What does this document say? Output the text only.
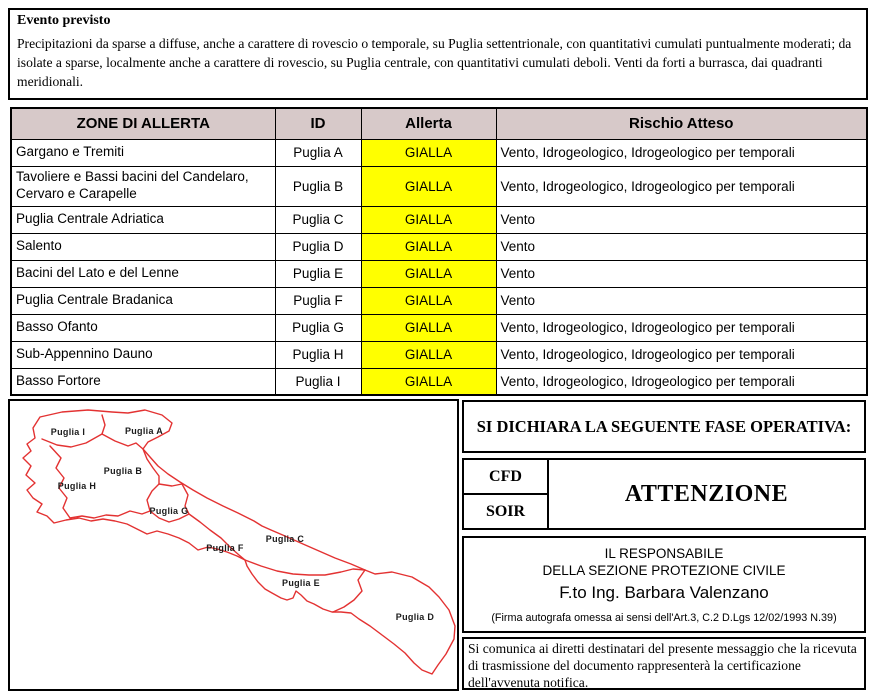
Evento previsto

Precipitazioni da sparse a diffuse, anche a carattere di rovescio o temporale, su Puglia settentrionale, con quantitativi cumulati puntualmente moderati; da isolate a sparse, localmente anche a carattere di rovescio, su Puglia centrale, con quantitativi cumulati deboli. Venti da forti a burrasca, dai quadranti meridionali.

ZONE DI ALLERTA	ID	Allerta	Rischio Atteso
Gargano e Tremiti	Puglia A	GIALLA	Vento, Idrogeologico, Idrogeologico per temporali
Tavoliere e Bassi bacini del Candelaro, Cervaro e Carapelle	Puglia B	GIALLA	Vento, Idrogeologico, Idrogeologico per temporali
Puglia Centrale Adriatica	Puglia C	GIALLA	Vento
Salento	Puglia D	GIALLA	Vento
Bacini del Lato e del Lenne	Puglia E	GIALLA	Vento
Puglia Centrale Bradanica	Puglia F	GIALLA	Vento
Basso Ofanto	Puglia G	GIALLA	Vento, Idrogeologico, Idrogeologico per temporali
Sub-Appennino Dauno	Puglia H	GIALLA	Vento, Idrogeologico, Idrogeologico per temporali
Basso Fortore	Puglia I	GIALLA	Vento, Idrogeologico, Idrogeologico per temporali
Puglia I	Puglia A
Puglia B
Puglia H
Puglia G
Puglia F
Puglia C
Puglia E
Puglia D
SI DICHIARA LA SEGUENTE FASE OPERATIVA:
CFD
SOIR
ATTENZIONE
IL RESPONSABILE
DELLA SEZIONE PROTEZIONE CIVILE
F.to Ing. Barbara Valenzano
(Firma autografa omessa ai sensi dell'Art.3, C.2 D.Lgs 12/02/1993 N.39)
Si comunica ai diretti destinatari del presente messaggio che la ricevuta di trasmissione del documento rappresenterà la certificazione dell'avvenuta notifica.
